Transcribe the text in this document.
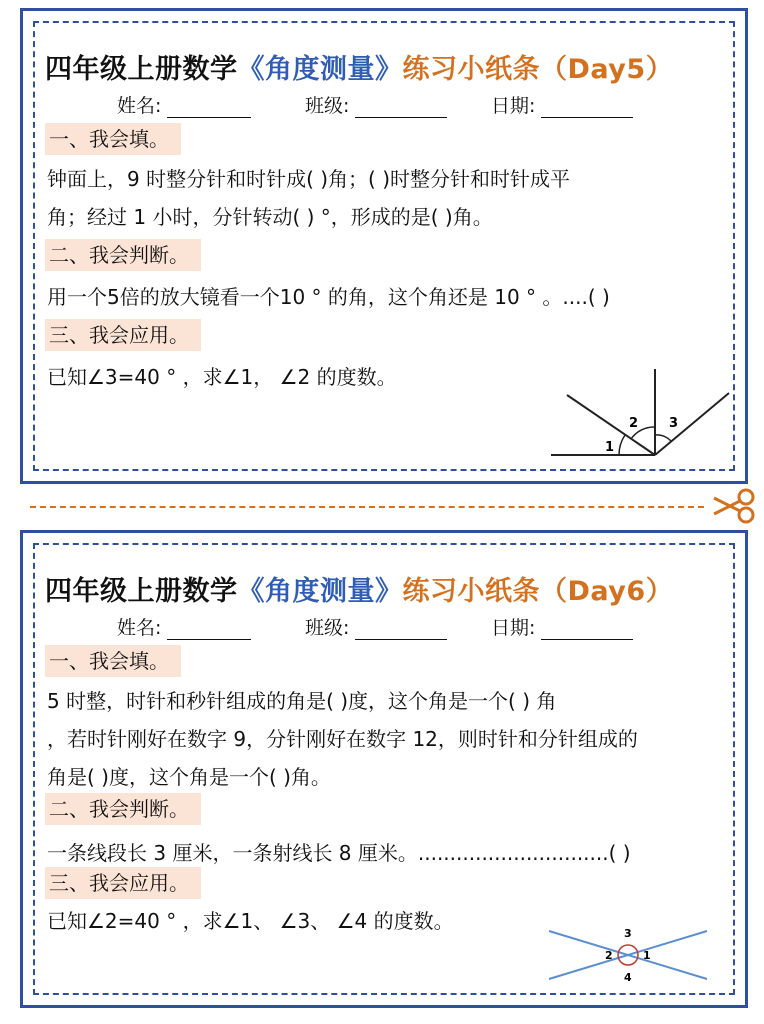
四年级上册数学《角度测量》练习小纸条（Day5）
姓名:	班级:	日期:
一、我会填。
钟面上，9 时整分针和时针成( )角；( )时整分针和时针成平
角；经过 1 小时，分针转动( ) °，形成的是( )角。
二、我会判断。
用一个5倍的放大镜看一个10 ° 的角，这个角还是 10 ° 。....( )
三、我会应用。
已知∠3=40 ° ，求∠1， ∠2 的度数。
1
2 3
四年级上册数学《角度测量》练习小纸条（Day6）
姓名:	班级:	日期:
一、我会填。
5 时整，时针和秒针组成的角是( )度，这个角是一个( ) 角
，若时针刚好在数字 9，分针刚好在数字 12，则时针和分针组成的
角是( )度，这个角是一个( )角。
二、我会判断。
一条线段长 3 厘米，一条射线长 8 厘米。..............................( )
三、我会应用。
已知∠2=40 ° ，求∠1、 ∠3、 ∠4 的度数。
1
2
3
4
